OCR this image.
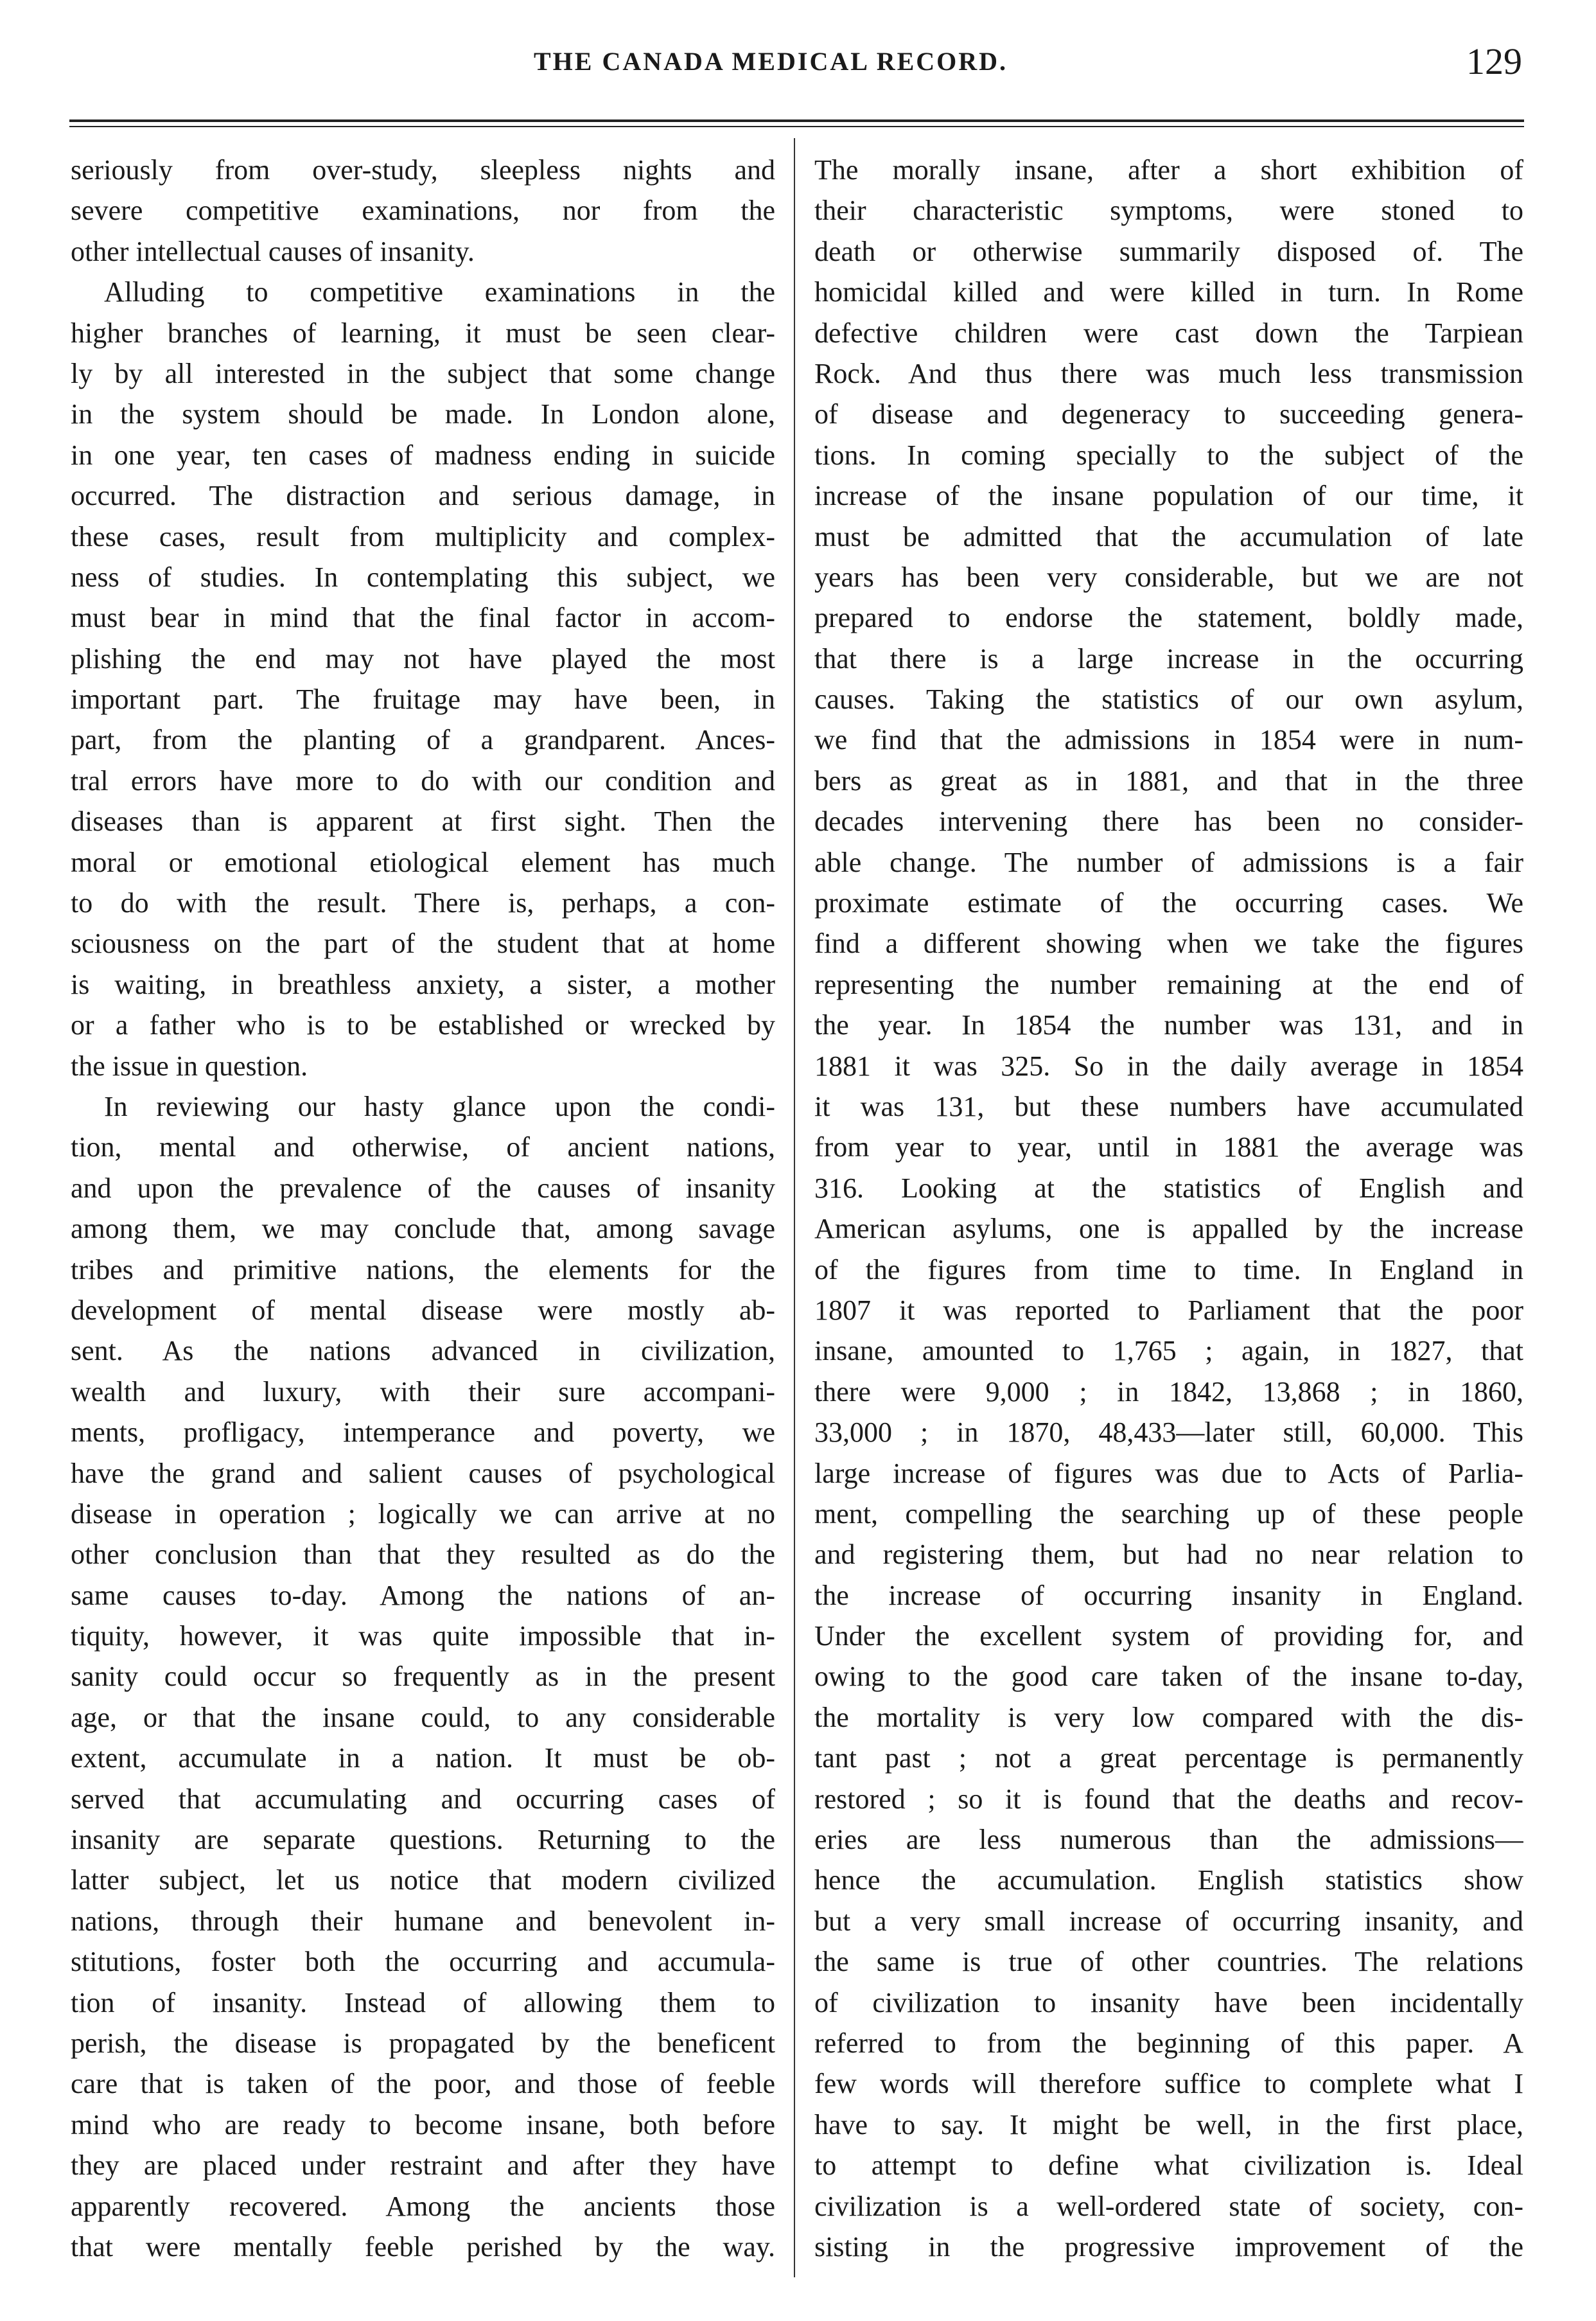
THE CANADA MEDICAL RECORD.	129
seriously from over-study, sleepless nights and
severe competitive examinations, nor from the
other intellectual causes of insanity.
Alluding to competitive examinations in the
higher branches of learning, it must be seen clear-
ly by all interested in the subject that some change
in the system should be made. In London alone,
in one year, ten cases of madness ending in suicide
occurred. The distraction and serious damage, in
these cases, result from multiplicity and complex-
ness of studies. In contemplating this subject, we
must bear in mind that the final factor in accom-
plishing the end may not have played the most
important part. The fruitage may have been, in
part, from the planting of a grandparent. Ances-
tral errors have more to do with our condition and
diseases than is apparent at first sight. Then the
moral or emotional etiological element has much
to do with the result. There is, perhaps, a con-
sciousness on the part of the student that at home
is waiting, in breathless anxiety, a sister, a mother
or a father who is to be established or wrecked by
the issue in question.
In reviewing our hasty glance upon the condi-
tion, mental and otherwise, of ancient nations,
and upon the prevalence of the causes of insanity
among them, we may conclude that, among savage
tribes and primitive nations, the elements for the
development of mental disease were mostly ab-
sent. As the nations advanced in civilization,
wealth and luxury, with their sure accompani-
ments, profligacy, intemperance and poverty, we
have the grand and salient causes of psychological
disease in operation ; logically we can arrive at no
other conclusion than that they resulted as do the
same causes to-day. Among the nations of an-
tiquity, however, it was quite impossible that in-
sanity could occur so frequently as in the present
age, or that the insane could, to any considerable
extent, accumulate in a nation. It must be ob-
served that accumulating and occurring cases of
insanity are separate questions. Returning to the
latter subject, let us notice that modern civilized
nations, through their humane and benevolent in-
stitutions, foster both the occurring and accumula-
tion of insanity. Instead of allowing them to
perish, the disease is propagated by the beneficent
care that is taken of the poor, and those of feeble
mind who are ready to become insane, both before
they are placed under restraint and after they have
apparently recovered. Among the ancients those
that were mentally feeble perished by the way.
The morally insane, after a short exhibition of
their characteristic symptoms, were stoned to
death or otherwise summarily disposed of. The
homicidal killed and were killed in turn. In Rome
defective children were cast down the Tarpiean
Rock. And thus there was much less transmission
of disease and degeneracy to succeeding genera-
tions. In coming specially to the subject of the
increase of the insane population of our time, it
must be admitted that the accumulation of late
years has been very considerable, but we are not
prepared to endorse the statement, boldly made,
that there is a large increase in the occurring
causes. Taking the statistics of our own asylum,
we find that the admissions in 1854 were in num-
bers as great as in 1881, and that in the three
decades intervening there has been no consider-
able change. The number of admissions is a fair
proximate estimate of the occurring cases. We
find a different showing when we take the figures
representing the number remaining at the end of
the year. In 1854 the number was 131, and in
1881 it was 325. So in the daily average in 1854
it was 131, but these numbers have accumulated
from year to year, until in 1881 the average was
316. Looking at the statistics of English and
American asylums, one is appalled by the increase
of the figures from time to time. In England in
1807 it was reported to Parliament that the poor
insane, amounted to 1,765 ; again, in 1827, that
there were 9,000 ; in 1842, 13,868 ; in 1860,
33,000 ; in 1870, 48,433—later still, 60,000. This
large increase of figures was due to Acts of Parlia-
ment, compelling the searching up of these people
and registering them, but had no near relation to
the increase of occurring insanity in England.
Under the excellent system of providing for, and
owing to the good care taken of the insane to-day,
the mortality is very low compared with the dis-
tant past ; not a great percentage is permanently
restored ; so it is found that the deaths and recov-
eries are less numerous than the admissions—
hence the accumulation. English statistics show
but a very small increase of occurring insanity, and
the same is true of other countries. The relations
of civilization to insanity have been incidentally
referred to from the beginning of this paper. A
few words will therefore suffice to complete what I
have to say. It might be well, in the first place,
to attempt to define what civilization is. Ideal
civilization is a well-ordered state of society, con-
sisting in the progressive improvement of the
